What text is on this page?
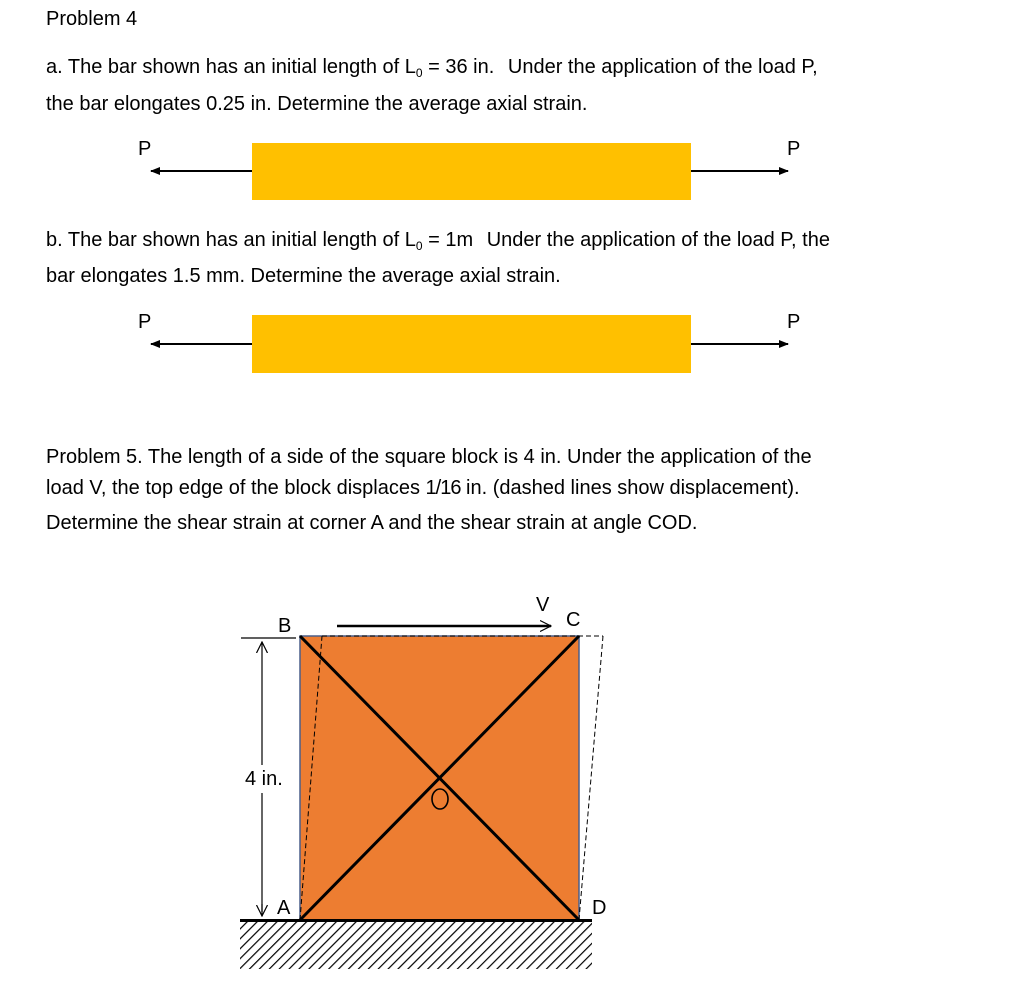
Problem 4
a. The bar shown has an initial length of $L_0 = 36$ in. Under the application of the load P,
the bar elongates 0.25 in. Determine the average axial strain.
P	P
b. The bar shown has an initial length of $L_0 = 1m$ Under the application of the load P, the
bar elongates 1.5 mm. Determine the average axial strain.
P	P
Problem 5. The length of a side of the square block is 4 in. Under the application of the
load V, the top edge of the block displaces 1/16 in. (dashed lines show displacement).
Determine the shear strain at corner A and the shear strain at angle COD.
B
V
C
4 in.
A	D
